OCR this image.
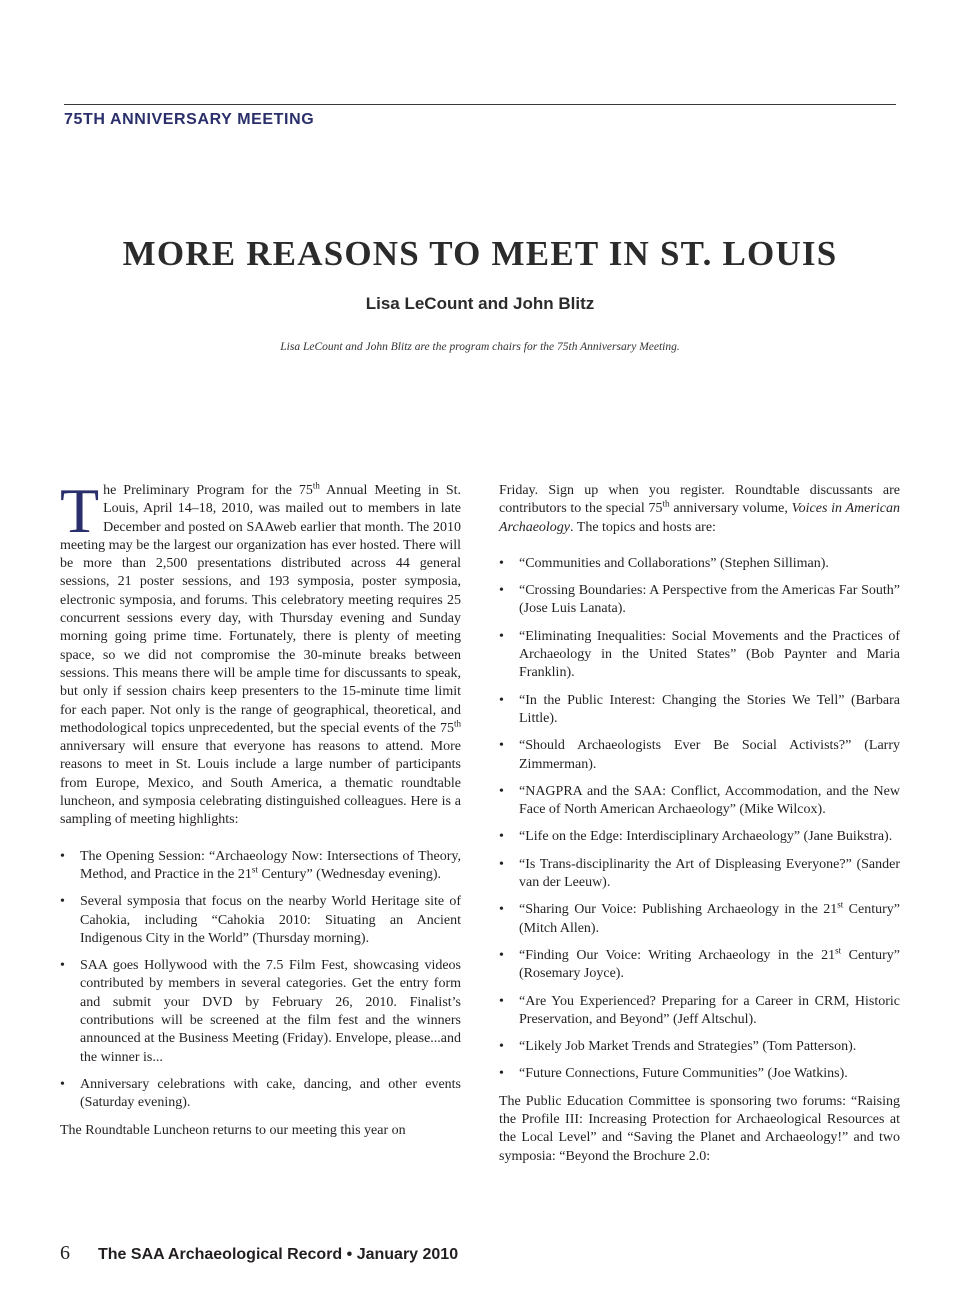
75TH ANNIVERSARY MEETING
MORE REASONS TO MEET IN ST. LOUIS
Lisa LeCount and John Blitz
Lisa LeCount and John Blitz are the program chairs for the 75th Anniversary Meeting.

The Preliminary Program for the 75th Annual Meeting in St. Louis, April 14–18, 2010, was mailed out to members in late December and posted on SAAweb earlier that month. The 2010 meeting may be the largest our organization has ever hosted. There will be more than 2,500 presentations distributed across 44 general sessions, 21 poster sessions, and 193 symposia, poster symposia, electronic symposia, and forums. This celebratory meeting requires 25 concurrent sessions every day, with Thursday evening and Sunday morning going prime time. Fortunately, there is plenty of meeting space, so we did not compromise the 30-minute breaks between sessions. This means there will be ample time for discussants to speak, but only if session chairs keep presenters to the 15-minute time limit for each paper. Not only is the range of geographical, theoretical, and methodological topics unprecedented, but the special events of the 75th anniversary will ensure that everyone has reasons to attend. More reasons to meet in St. Louis include a large number of participants from Europe, Mexico, and South America, a thematic roundtable luncheon, and symposia celebrating distinguished colleagues. Here is a sampling of meeting highlights:

• The Opening Session: “Archaeology Now: Intersections of Theory, Method, and Practice in the 21st Century” (Wednesday evening).
• Several symposia that focus on the nearby World Heritage site of Cahokia, including “Cahokia 2010: Situating an Ancient Indigenous City in the World” (Thursday morning).
• SAA goes Hollywood with the 7.5 Film Fest, showcasing videos contributed by members in several categories. Get the entry form and submit your DVD by February 26, 2010. Finalist’s contributions will be screened at the film fest and the winners announced at the Business Meeting (Friday). Envelope, please...and the winner is...
• Anniversary celebrations with cake, dancing, and other events (Saturday evening).

The Roundtable Luncheon returns to our meeting this year on

Friday. Sign up when you register. Roundtable discussants are contributors to the special 75th anniversary volume, Voices in American Archaeology. The topics and hosts are:

• “Communities and Collaborations” (Stephen Silliman).
• “Crossing Boundaries: A Perspective from the Americas Far South” (Jose Luis Lanata).
• “Eliminating Inequalities: Social Movements and the Practices of Archaeology in the United States” (Bob Paynter and Maria Franklin).
• “In the Public Interest: Changing the Stories We Tell” (Barbara Little).
• “Should Archaeologists Ever Be Social Activists?” (Larry Zimmerman).
• “NAGPRA and the SAA: Conflict, Accommodation, and the New Face of North American Archaeology” (Mike Wilcox).
• “Life on the Edge: Interdisciplinary Archaeology” (Jane Buikstra).
• “Is Trans-disciplinarity the Art of Displeasing Everyone?” (Sander van der Leeuw).
• “Sharing Our Voice: Publishing Archaeology in the 21st Century” (Mitch Allen).
• “Finding Our Voice: Writing Archaeology in the 21st Century” (Rosemary Joyce).
• “Are You Experienced? Preparing for a Career in CRM, Historic Preservation, and Beyond” (Jeff Altschul).
• “Likely Job Market Trends and Strategies” (Tom Patterson).
• “Future Connections, Future Communities” (Joe Watkins).

The Public Education Committee is sponsoring two forums: “Raising the Profile III: Increasing Protection for Archaeological Resources at the Local Level” and “Saving the Planet and Archaeology!” and two symposia: “Beyond the Brochure 2.0:

6 The SAA Archaeological Record • January 2010
